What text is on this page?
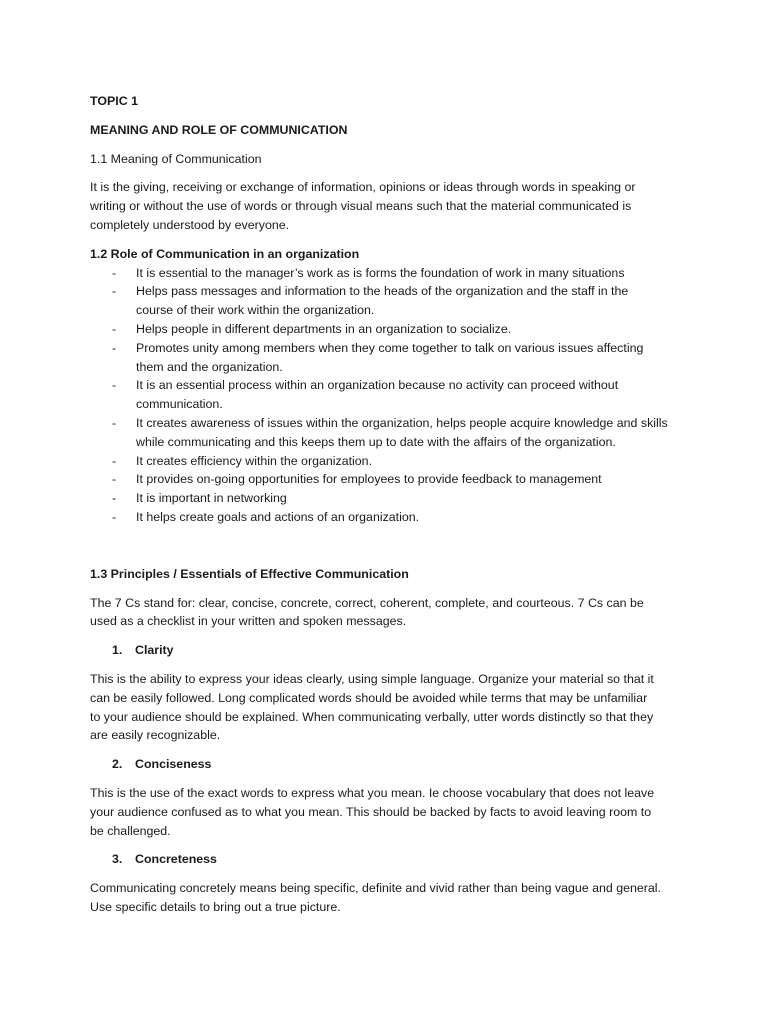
TOPIC 1
MEANING AND ROLE OF COMMUNICATION
1.1 Meaning of Communication
It is the giving, receiving or exchange of information, opinions or ideas through words in speaking or
writing or without the use of words or through visual means such that the material communicated is
completely understood by everyone.
1.2 Role of Communication in an organization
- It is essential to the manager’s work as is forms the foundation of work in many situations
- Helps pass messages and information to the heads of the organization and the staff in the
course of their work within the organization.
- Helps people in different departments in an organization to socialize.
- Promotes unity among members when they come together to talk on various issues affecting
them and the organization.
- It is an essential process within an organization because no activity can proceed without
communication.
- It creates awareness of issues within the organization, helps people acquire knowledge and skills
while communicating and this keeps them up to date with the affairs of the organization.
- It creates efficiency within the organization.
- It provides on-going opportunities for employees to provide feedback to management
- It is important in networking
- It helps create goals and actions of an organization.
1.3 Principles / Essentials of Effective Communication
The 7 Cs stand for: clear, concise, concrete, correct, coherent, complete, and courteous. 7 Cs can be
used as a checklist in your written and spoken messages.
1. Clarity
This is the ability to express your ideas clearly, using simple language. Organize your material so that it
can be easily followed. Long complicated words should be avoided while terms that may be unfamiliar
to your audience should be explained. When communicating verbally, utter words distinctly so that they
are easily recognizable.
2. Conciseness
This is the use of the exact words to express what you mean. Ie choose vocabulary that does not leave
your audience confused as to what you mean. This should be backed by facts to avoid leaving room to
be challenged.
3. Concreteness
Communicating concretely means being specific, definite and vivid rather than being vague and general.
Use specific details to bring out a true picture.
